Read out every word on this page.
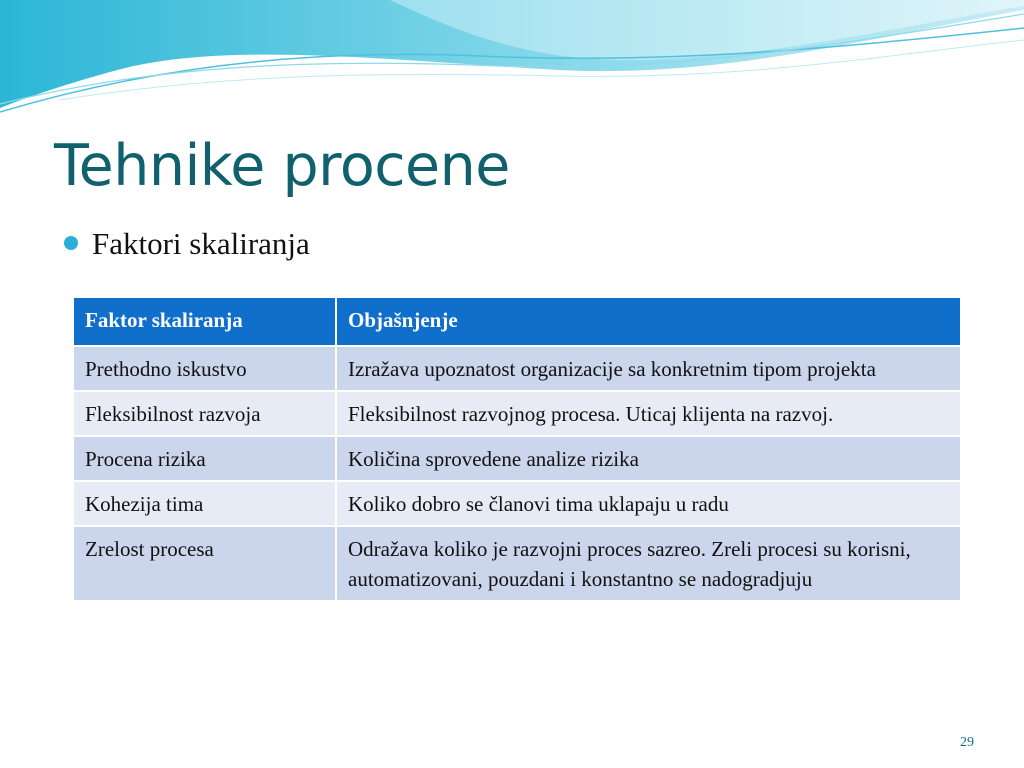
Tehnike procene
Faktori skaliranja
Faktor skaliranja	Objašnjenje
Prethodno iskustvo	Izražava upoznatost organizacije sa konkretnim tipom projekta
Fleksibilnost razvoja	Fleksibilnost razvojnog procesa. Uticaj klijenta na razvoj.
Procena rizika	Količina sprovedene analize rizika
Kohezija tima	Koliko dobro se članovi tima uklapaju u radu
Zrelost procesa	Odražava koliko je razvojni proces sazreo. Zreli procesi su korisni, automatizovani, pouzdani i konstantno se nadogradjuju
29
